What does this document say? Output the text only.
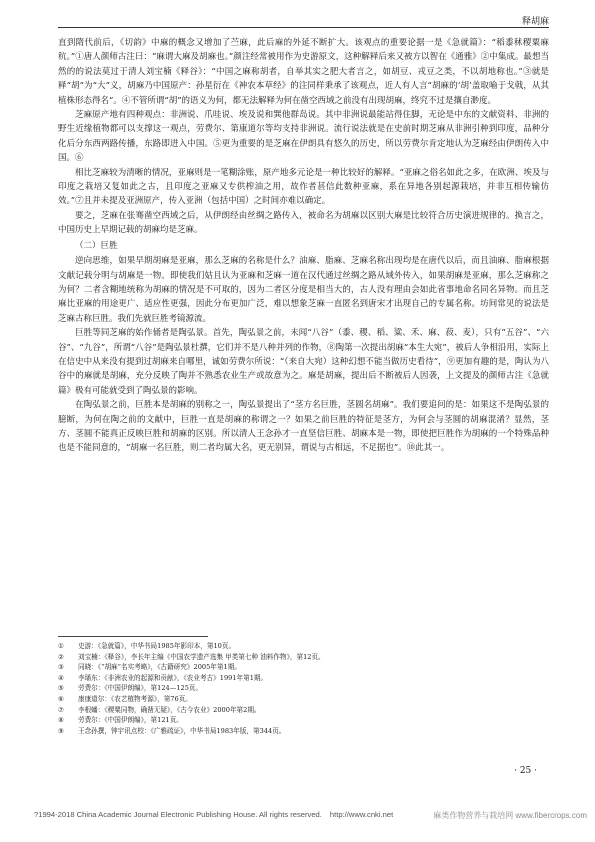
释胡麻

直到隋代前后，《切韵》中麻的概念又增加了苎麻，此后麻的外延不断扩大。该观点的重要论据一是《急就篇》：“稻黍秫稷粟麻秔。”①唐人颜师古注曰：“麻谓大麻及胡麻也。”颜注经常被用作为史游原文，这种解释后来又被方以智在《通雅》②中集成。最想当然的的说法莫过于清人刘宝楠《释谷》：“中国之麻称胡者，自举其实之肥大者言之，如胡豆、戎豆之类，不以胡地称也。”③就是释“胡”为“大”义，胡麻乃中国原产：孙星衍在《神农本草经》的注同样秉承了该观点，近人有人言“胡麻的‘胡’盖取喻于戈戟，从其植株形态得名”。④不管所谓“胡”的语义为何，都无法解释为何在凿空西域之前没有出现胡麻，终究不过是攘自渺度。

芝麻原产地有四种观点：非洲说、爪哇说、埃及说和巽他群岛说。其中非洲说最能站得住脚，无论是中东的文献资料、非洲的野生近缘植物都可以支撑这一观点，劳费尔、第康道尔等均支持非洲说。流行说法就是在史前时期芝麻从非洲引种到印度，品种分化后分东西两路传播，东路即进入中国。⑤更为重要的是芝麻在伊朗具有悠久的历史，所以劳费尔肯定地认为芝麻经由伊朗传入中国。⑥

相比芝麻较为清晰的情况，亚麻则是一笔糊涂账，原产地多元论是一种比较好的解释。“亚麻之俗名如此之多，在欧洲、埃及与印度之栽培又复如此之古，且印度之亚麻又专供榨油之用，故作者甚信此数种亚麻，系在异地各别起源栽培，并非互相传输仿效。”⑦且并未提及亚洲原产，传入亚洲（包括中国）之时间亦难以确定。

要之，芝麻在张骞凿空西域之后，从伊朗经由丝绸之路传入，被命名为胡麻以区别大麻是比较符合历史演进规律的。换言之，中国历史上早期记载的胡麻均是芝麻。

（二）巨胜

逆向思维，如果早期胡麻是亚麻，那么芝麻的名称是什么？油麻、脂麻、芝麻名称出现均是在唐代以后，而且油麻、脂麻根据文献记载分明与胡麻是一物。即使我们姑且认为亚麻和芝麻一道在汉代通过丝绸之路从域外传入，如果胡麻是亚麻，那么芝麻称之为何？二者含糊地统称为胡麻的情况是不可取的，因为二者区分度是相当大的，古人没有理由会如此省事地命名同名异物。而且芝麻比亚麻的用途更广、适应性更强，因此分布更加广泛，难以想象芝麻一直匿名到唐宋才出现自己的专属名称。坊间常见的说法是芝麻古称巨胜。我们先就巨胜考镜源流。

巨胜等同芝麻的始作俑者是陶弘景。首先，陶弘景之前，未闻“八谷”（黍、稷、稻、粱、禾、麻、菽、麦），只有“五谷”、“六谷”、“九谷”，所谓“八谷”是陶弘景杜撰，它们并不是八种并列的作物，⑧陶第一次提出胡麻“本生大宛”，被后人争相沿用，实际上在信史中从来没有提到过胡麻来自哪里，诚如劳费尔所说：“（来自大宛）这种幻想不能当做历史看待”，⑨更加有趣的是，陶认为八谷中的麻就是胡麻，充分反映了陶并不熟悉农业生产或故意为之。麻是胡麻，提出后不断被后人因袭，上文提及的颜师古注《急就篇》极有可能就受到了陶弘景的影响。

在陶弘景之前，巨胜本是胡麻的别称之一，陶弘景提出了“茎方名巨胜，茎圆名胡麻”。我们要追问的是：如果这不是陶弘景的臆断，为何在陶之前的文献中，巨胜一直是胡麻的称谓之一？如果之前巨胜的特征是茎方，为何会与茎圆的胡麻混淆？显然，茎方、茎圆不能真正反映巨胜和胡麻的区别。所以清人王念孙才一直坚信巨胜、胡麻本是一物，即使把巨胜作为胡麻的一个特殊品种也是不能同意的，“胡麻一名巨胜，则二者均属大名，更无别异，谓说与古相远，不足据也”。⑩此其一。

①	史游：《急就篇》，中华书局1985年影印本，第10页。
②	刘宝楠：《释谷》，李长年主编《中国农学遗产选集 甲类第七种 油料作物》，第12页。
③	同晓：《“胡麻”名实考略》，《古籍研究》2005年第1期。
④	李璠东：《非洲农业的起源和贡献》，《农业考古》1991年第1期。
⑤	劳费尔：《中国伊朗编》，第124—125页。
⑥	康康道尔：《农艺植物考源》，第76页。
⑦	李根蟠：《稷粟同物，确凿无疑》，《古今农业》2000年第2期。
⑧	劳费尔：《中国伊朗编》，第121页。
⑨	王念孙撰，钟宇讯点校：《广雅疏证》，中华书局1983年版，第344页。
· 25 ·
?1994-2018 China Academic Journal Electronic Publishing House. All rights reserved. http://www.cnki.net	麻类作物营养与栽培网 www.fibercrops.com
